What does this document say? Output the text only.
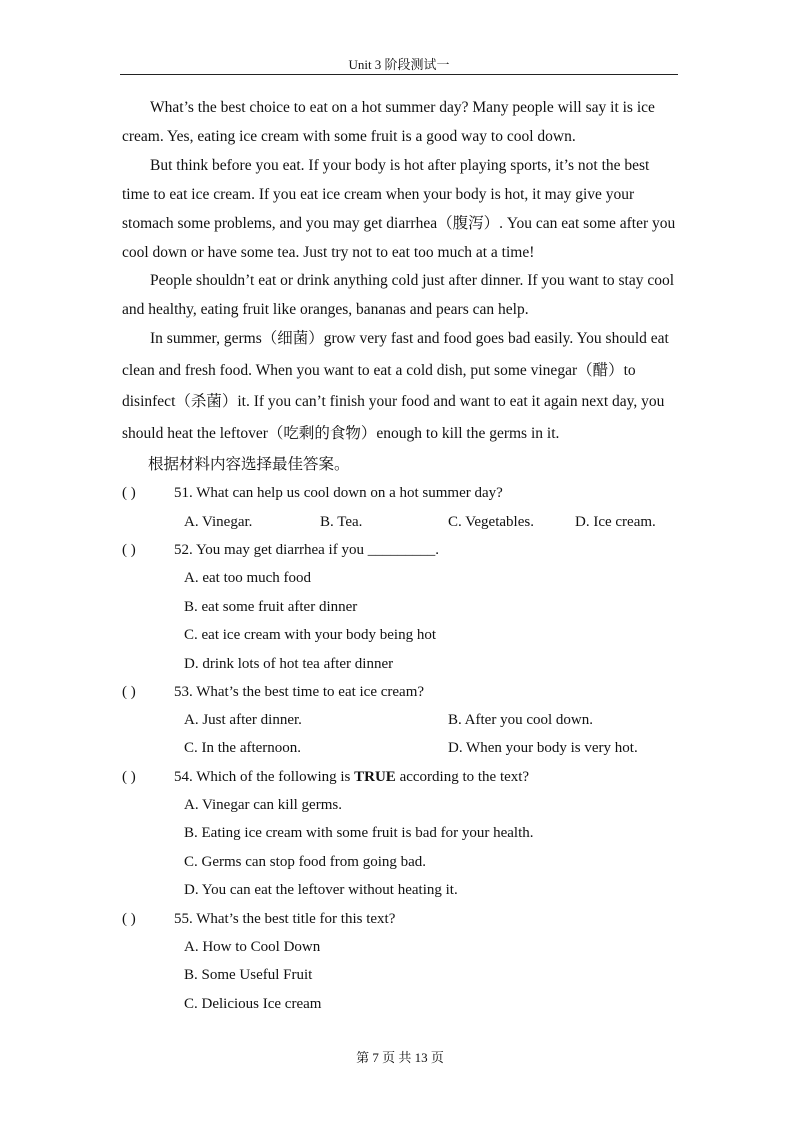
Unit 3 阶段测试一

What’s the best choice to eat on a hot summer day? Many people will say it is ice cream. Yes, eating ice cream with some fruit is a good way to cool down.

But think before you eat. If your body is hot after playing sports, it’s not the best time to eat ice cream. If you eat ice cream when your body is hot, it may give your stomach some problems, and you may get diarrhea（腹泻）. You can eat some after you cool down or have some tea. Just try not to eat too much at a time!

People shouldn’t eat or drink anything cold just after dinner. If you want to stay cool and healthy, eating fruit like oranges, bananas and pears can help.

In summer, germs（细菌）grow very fast and food goes bad easily. You should eat clean and fresh food. When you want to eat a cold dish, put some vinegar（醋）to disinfect（杀菌）it. If you can’t finish your food and want to eat it again next day, you should heat the leftover（吃剩的食物）enough to kill the germs in it.

根据材料内容选择最佳答案。
( )	51. What can help us cool down on a hot summer day?
A. Vinegar.	B. Tea.	C. Vegetables.	D. Ice cream.
( )	52. You may get diarrhea if you _________.
A. eat too much food
B. eat some fruit after dinner
C. eat ice cream with your body being hot
D. drink lots of hot tea after dinner
( )	53. What’s the best time to eat ice cream?
A. Just after dinner.	B. After you cool down.
C. In the afternoon.	D. When your body is very hot.
( )	54. Which of the following is TRUE according to the text?
A. Vinegar can kill germs.
B. Eating ice cream with some fruit is bad for your health.
C. Germs can stop food from going bad.
D. You can eat the leftover without heating it.
( )	55. What’s the best title for this text?
A. How to Cool Down
B. Some Useful Fruit
C. Delicious Ice cream
第 7 页 共 13 页
